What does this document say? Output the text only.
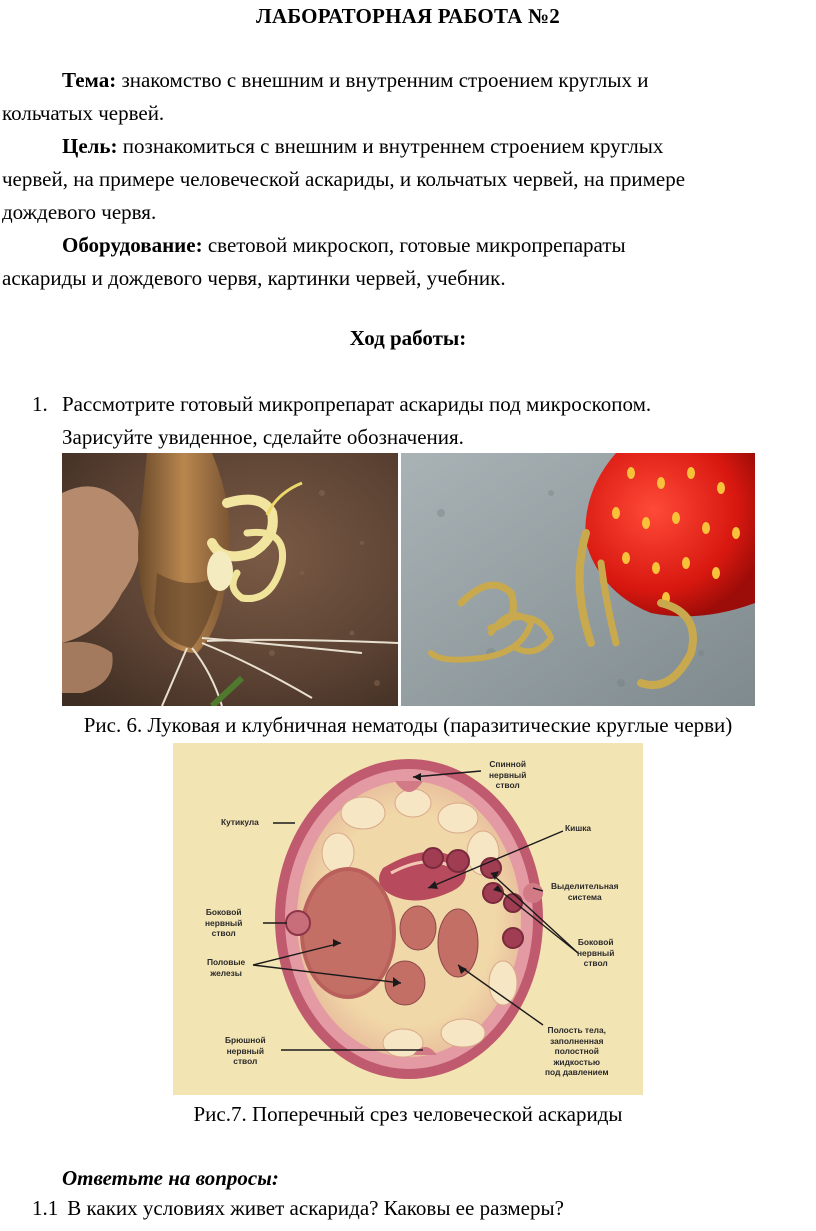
ЛАБОРАТОРНАЯ РАБОТА №2
Тема: знакомство с внешним и внутренним строением круглых и
кольчатых червей.
Цель: познакомиться с внешним и внутреннем строением круглых
червей, на примере человеческой аскариды, и кольчатых червей, на примере
дождевого червя.
Оборудование: световой микроскоп, готовые микропрепараты
аскариды и дождевого червя, картинки червей, учебник.
Ход работы:
1. Рассмотрите готовый микропрепарат аскариды под микроскопом.
Зарисуйте увиденное, сделайте обозначения.
Рис. 6. Луковая и клубничная нематоды (паразитические круглые черви)
Спинной
нервный
ствол
Кутикула
Кишка
Выделительная
система
Боковой
нервный
ствол
Боковой
нервный
ствол
Половые
железы
Брюшной
нервный
ствол
Полость тела,
заполненная
полостной
жидкостью
под давлением
Рис.7. Поперечный срез человеческой аскариды
Ответьте на вопросы:
1.1 В каких условиях живет аскарида? Каковы ее размеры?
